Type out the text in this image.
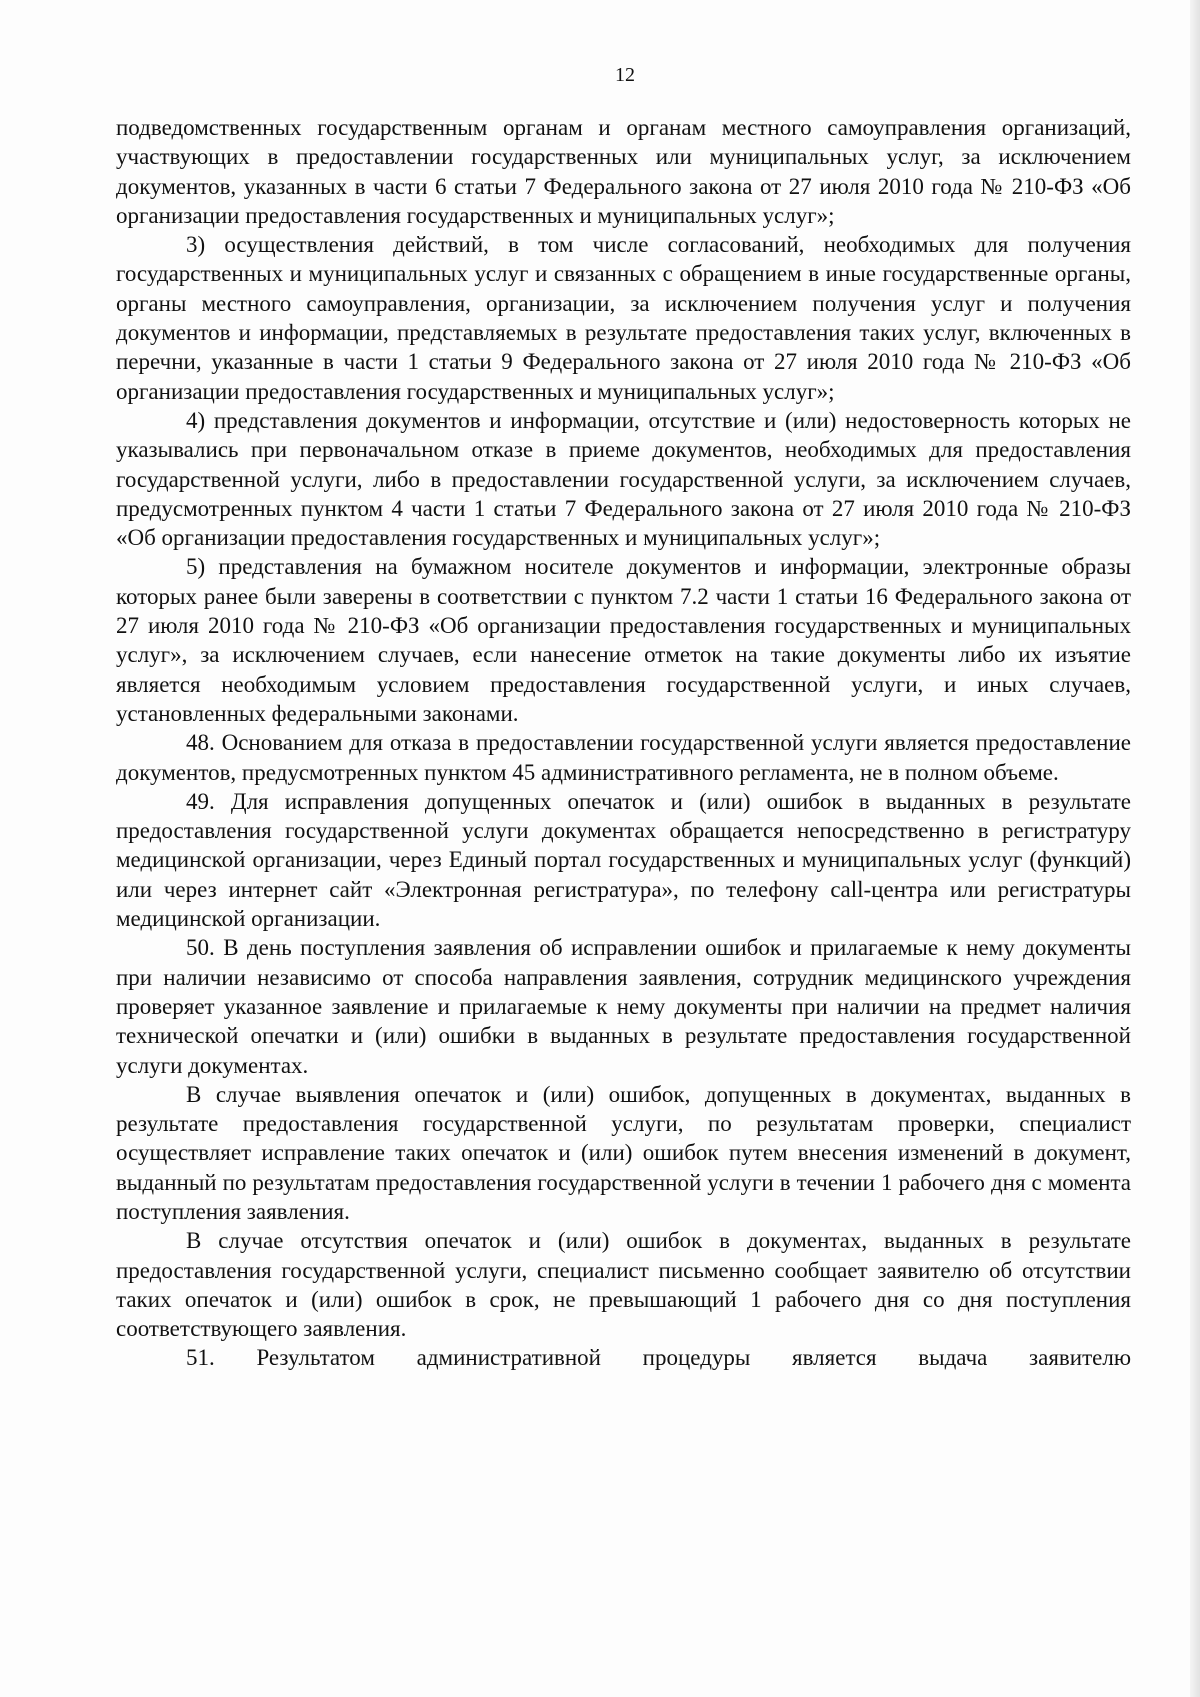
12

подведомственных государственным органам и органам местного самоуправления организаций, участвующих в предоставлении государственных или муниципальных услуг, за исключением документов, указанных в части 6 статьи 7 Федерального закона от 27 июля 2010 года № 210-ФЗ «Об организации предоставления государственных и муниципальных услуг»;

3) осуществления действий, в том числе согласований, необходимых для получения государственных и муниципальных услуг и связанных с обращением в иные государственные органы, органы местного самоуправления, организации, за исключением получения услуг и получения документов и информации, представляемых в результате предоставления таких услуг, включенных в перечни, указанные в части 1 статьи 9 Федерального закона от 27 июля 2010 года № 210-ФЗ «Об организации предоставления государственных и муниципальных услуг»;

4) представления документов и информации, отсутствие и (или) недостоверность которых не указывались при первоначальном отказе в приеме документов, необходимых для предоставления государственной услуги, либо в предоставлении государственной услуги, за исключением случаев, предусмотренных пунктом 4 части 1 статьи 7 Федерального закона от 27 июля 2010 года № 210-ФЗ «Об организации предоставления государственных и муниципальных услуг»;

5) представления на бумажном носителе документов и информации, электронные образы которых ранее были заверены в соответствии с пунктом 7.2 части 1 статьи 16 Федерального закона от 27 июля 2010 года № 210-ФЗ «Об организации предоставления государственных и муниципальных услуг», за исключением случаев, если нанесение отметок на такие документы либо их изъятие является необходимым условием предоставления государственной услуги, и иных случаев, установленных федеральными законами.

48. Основанием для отказа в предоставлении государственной услуги является предоставление документов, предусмотренных пунктом 45 административного регламента, не в полном объеме.

49. Для исправления допущенных опечаток и (или) ошибок в выданных в результате предоставления государственной услуги документах обращается непосредственно в регистратуру медицинской организации, через Единый портал государственных и муниципальных услуг (функций) или через интернет сайт «Электронная регистратура», по телефону call-центра или регистратуры медицинской организации.

50. В день поступления заявления об исправлении ошибок и прилагаемые к нему документы при наличии независимо от способа направления заявления, сотрудник медицинского учреждения проверяет указанное заявление и прилагаемые к нему документы при наличии на предмет наличия технической опечатки и (или) ошибки в выданных в результате предоставления государственной услуги документах.

В случае выявления опечаток и (или) ошибок, допущенных в документах, выданных в результате предоставления государственной услуги, по результатам проверки, специалист осуществляет исправление таких опечаток и (или) ошибок путем внесения изменений в документ, выданный по результатам предоставления государственной услуги в течении 1 рабочего дня с момента поступления заявления.

В случае отсутствия опечаток и (или) ошибок в документах, выданных в результате предоставления государственной услуги, специалист письменно сообщает заявителю об отсутствии таких опечаток и (или) ошибок в срок, не превышающий 1 рабочего дня со дня поступления соответствующего заявления.

51. Результатом административной процедуры является выдача заявителю
